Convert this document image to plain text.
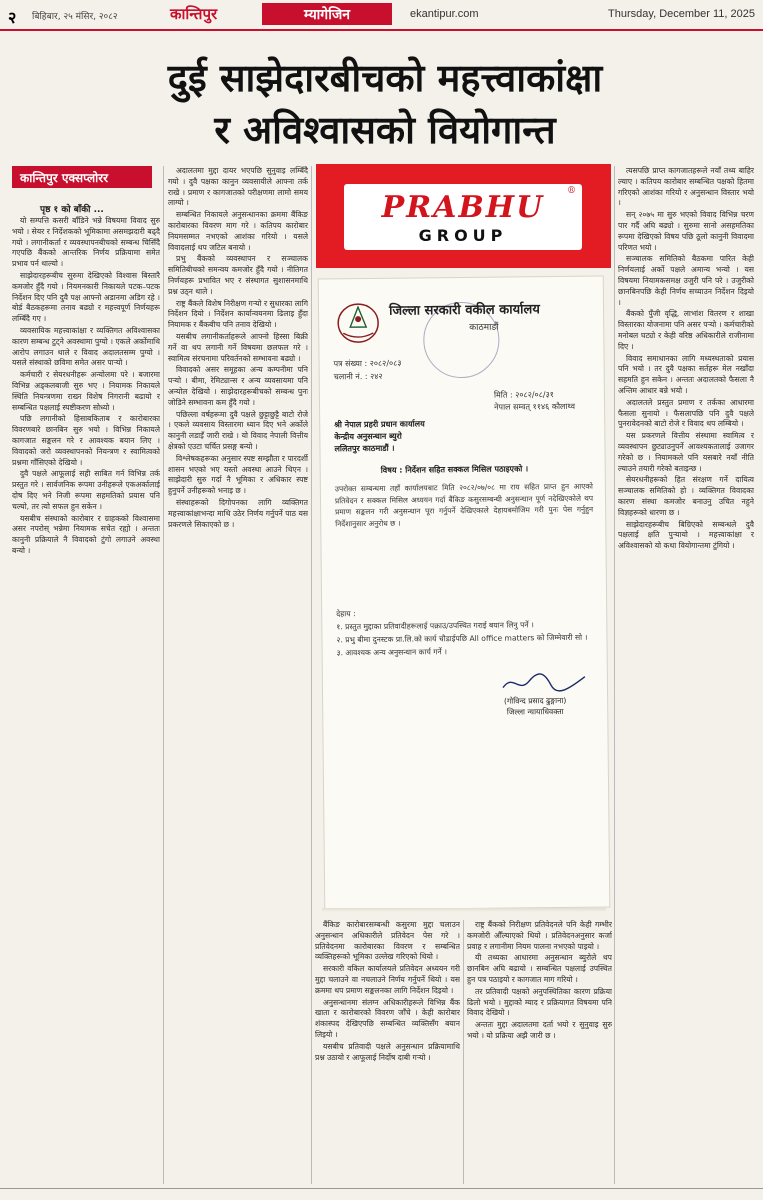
२ बिहिबार, २५ मंसिर, २०८२	कान्तिपुर	म्यागेजिन	ekantipur.com	Thursday, December 11, 2025
दुई साझेदारबीचको महत्त्वाकांक्षा
र अविश्वासको वियोगान्त
कान्तिपुर एक्सप्लोरर
पृष्ठ १ को बाँकी ...

यो सम्पत्ति कसरी बाँडिने भन्ने विषयमा विवाद सुरु भयो । सेयर र निर्देशकको भूमिकामा असमझदारी बढ्दै गयो । लगानीकर्ता र व्यवस्थापनबीचको सम्बन्ध चिसिँदै गएपछि बैंकको आन्तरिक निर्णय प्रक्रियामा समेत प्रभाव पर्न थाल्यो ।

साझेदारहरूबीच सुरुमा देखिएको विश्वास बिस्तारै कमजोर हुँदै गयो । नियमनकारी निकायले पटक–पटक निर्देशन दिए पनि दुवै पक्ष आफ्नो अडानमा अडिग रहे । बोर्ड बैठकहरूमा तनाव बढ्यो र महत्त्वपूर्ण निर्णयहरू लम्बिँदै गए ।

व्यवसायिक महत्त्वाकांक्षा र व्यक्तिगत अविश्वासका कारण सम्बन्ध टुट्ने अवस्थामा पुग्यो । एकले अर्कोमाथि आरोप लगाउन थाले र विवाद अदालतसम्म पुग्यो । यसले संस्थाको छविमा समेत असर पार्‍यो ।

कर्मचारी र सेयरधनीहरू अन्योलमा परे । बजारमा विभिन्न अड्कलबाजी सुरु भए । नियामक निकायले स्थिति नियन्त्रणमा राख्न विशेष निगरानी बढायो र सम्बन्धित पक्षलाई स्पष्टीकरण सोध्यो ।

पछि लगानीको हिसाबकिताब र कारोबारका विवरणबारे छानबिन सुरु भयो । विभिन्न निकायले कागजात सङ्कलन गरे र आवश्यक बयान लिए । विवादको जरो व्यवस्थापनको नियन्त्रण र स्वामित्वको प्रश्नमा गाँसिएको देखियो ।

दुवै पक्षले आफूलाई सही साबित गर्न विभिन्न तर्क प्रस्तुत गरे । सार्वजनिक रूपमा उनीहरूले एकअर्कालाई दोष दिए भने निजी रूपमा सहमतिको प्रयास पनि चल्यो, तर त्यो सफल हुन सकेन ।

यसबीच संस्थाको कारोबार र ग्राहकको विश्वासमा असर नपरोस् भन्नेमा नियामक सचेत रह्यो । अन्ततः कानुनी प्रक्रियाले नै विवादको टुंगो लगाउने अवस्था बन्यो ।

अदालतमा मुद्दा दायर भएपछि सुनुवाइ लम्बिँदै गयो । दुवै पक्षका कानुन व्यवसायीले आफ्ना तर्क राखे । प्रमाण र कागजातको परीक्षणमा लामो समय लाग्यो ।

सम्बन्धित निकायले अनुसन्धानका क्रममा बैंकिङ कारोबारका विवरण माग गरे । कतिपय कारोबार नियमसम्मत नभएको आशंका गरियो । यसले विवादलाई थप जटिल बनायो ।

प्रभु बैंकको व्यवस्थापन र सञ्चालक समितिबीचको समन्वय कमजोर हुँदै गयो । नीतिगत निर्णयहरू प्रभावित भए र संस्थागत सुशासनमाथि प्रश्न उठ्न थाले ।

राष्ट्र बैंकले विशेष निरीक्षण गर्‍यो र सुधारका लागि निर्देशन दियो । निर्देशन कार्यान्वयनमा ढिलाइ हुँदा नियामक र बैंकबीच पनि तनाव देखियो ।

यसबीच लगानीकर्ताहरूले आफ्नो हिस्सा बिक्री गर्ने वा थप लगानी गर्ने विषयमा छलफल गरे । स्वामित्व संरचनामा परिवर्तनको सम्भावना बढ्यो ।

विवादको असर समूहका अन्य कम्पनीमा पनि पर्‍यो । बीमा, रेमिट्यान्स र अन्य व्यवसायमा पनि अन्योल देखियो । साझेदारहरूबीचको सम्बन्ध पुनः जोडिने सम्भावना कम हुँदै गयो ।

पछिल्ला वर्षहरूमा दुवै पक्षले छुट्टाछुट्टै बाटो रोजे । एकले व्यवसाय विस्तारमा ध्यान दिए भने अर्कोले कानुनी लडाइँ जारी राखे । यो विवाद नेपाली वित्तीय क्षेत्रको एउटा चर्चित प्रसङ्ग बन्यो ।

विश्लेषकहरूका अनुसार स्पष्ट सम्झौता र पारदर्शी शासन भएको भए यस्तो अवस्था आउने थिएन । साझेदारी सुरु गर्दा नै भूमिका र अधिकार स्पष्ट हुनुपर्ने उनीहरूको भनाइ छ ।

संस्थाहरूको दिगोपनका लागि व्यक्तिगत महत्त्वाकांक्षाभन्दा माथि उठेर निर्णय गर्नुपर्ने पाठ यस प्रकरणले सिकाएको छ ।

PRABHU	®
GROUP
जिल्ला सरकारी वकील कार्यालय
काठमाडौं
पत्र संख्या : २०८२/०८३
चलानी नं. : २४२
मिति : २०८२/०८/३१
नेपाल सम्वत् ११४६ कौलाथ्व
श्री नेपाल प्रहरी प्रधान कार्यालय
केन्द्रीय अनुसन्धान ब्युरो
ललितपुर काठमाडौं ।
विषय : निर्देशन सहित सक्कल मिसिल पठाइएको ।
उपरोक्त सम्बन्धमा तहाँ कार्यालयबाट मिति २०८२/०७/०८ मा राय सहित प्राप्त हुन आएको प्रतिवेदन र सक्कल मिसिल अध्ययन गर्दा बैंकिङ कसुरसम्बन्धी अनुसन्धान पूर्ण नदेखिएकोले थप प्रमाण सङ्कलन गरी अनुसन्धान पूरा गर्नुपर्ने देखिएकाले देहायबमोजिम गरी पुनः पेस गर्नुहुन निर्देशानुसार अनुरोध छ ।
देहाय :
१. प्रस्तुत मुद्दाका प्रतिवादीहरूलाई पक्राउ/उपस्थित गराई बयान लिनु पर्ने ।
२. प्रभु बीमा दुनस्टक प्रा.लि.को कार्य चौडाईपछि All office matters को जिम्मेवारी सो ।
३. आवश्यक अन्य अनुसन्धान कार्य गर्ने ।
(गोविन्द प्रसाद ढुङ्गाना)
जिल्ला न्यायाधिवक्ता

बैंकिङ कारोबारसम्बन्धी कसुरमा मुद्दा चलाउन अनुसन्धान अधिकारीले प्रतिवेदन पेस गरे । प्रतिवेदनमा कारोबारका विवरण र सम्बन्धित व्यक्तिहरूको भूमिका उल्लेख गरिएको थियो ।

सरकारी वकिल कार्यालयले प्रतिवेदन अध्ययन गरी मुद्दा चलाउने वा नचलाउने निर्णय गर्नुपर्ने थियो । यस क्रममा थप प्रमाण सङ्कलनका लागि निर्देशन दिइयो ।

अनुसन्धानमा संलग्न अधिकारीहरूले विभिन्न बैंक खाता र कारोबारको विवरण जाँचे । केही कारोबार शंकास्पद देखिएपछि सम्बन्धित व्यक्तिसँग बयान लिइयो ।

यसबीच प्रतिवादी पक्षले अनुसन्धान प्रक्रियामाथि प्रश्न उठायो र आफूलाई निर्दोष दाबी गर्‍यो ।

राष्ट्र बैंकको निरीक्षण प्रतिवेदनले पनि केही गम्भीर कमजोरी औँल्याएको थियो । प्रतिवेदनअनुसार कर्जा प्रवाह र लगानीमा नियम पालना नभएको पाइयो ।

यी तथ्यका आधारमा अनुसन्धान ब्युरोले थप छानबिन अघि बढायो । सम्बन्धित पक्षलाई उपस्थित हुन पत्र पठाइयो र कागजात माग गरियो ।

तर प्रतिवादी पक्षको अनुपस्थितिका कारण प्रक्रिया ढिलो भयो । मुद्दाको म्याद र प्रक्रियागत विषयमा पनि विवाद देखियो ।

अन्ततः मुद्दा अदालतमा दर्ता भयो र सुनुवाइ सुरु भयो । यो प्रक्रिया अझै जारी छ ।

त्यसपछि प्राप्त कागजातहरूले नयाँ तथ्य बाहिर ल्याए । कतिपय कारोबार सम्बन्धित पक्षको हितमा गरिएको आशंका गरियो र अनुसन्धान विस्तार भयो ।

सन् २०७५ मा सुरु भएको विवाद विभिन्न चरण पार गर्दै अघि बढ्यो । सुरुमा सानो असहमतिका रूपमा देखिएको विषय पछि ठूलो कानुनी विवादमा परिणत भयो ।

सञ्चालक समितिको बैठकमा पारित केही निर्णयलाई अर्को पक्षले अमान्य भन्यो । यस विषयमा नियामकसमक्ष उजुरी पनि परे । उजुरीको छानबिनपछि केही निर्णय सच्याउन निर्देशन दिइयो ।

बैंकको पुँजी वृद्धि, लाभांश वितरण र शाखा विस्तारका योजनामा पनि असर पर्‍यो । कर्मचारीको मनोबल घट्यो र केही वरिष्ठ अधिकारीले राजीनामा दिए ।

विवाद समाधानका लागि मध्यस्थताको प्रयास पनि भयो । तर दुवै पक्षका सर्तहरू मेल नखाँदा सहमति हुन सकेन । अन्ततः अदालतको फैसला नै अन्तिम आधार बन्ने भयो ।

अदालतले प्रस्तुत प्रमाण र तर्कका आधारमा फैसला सुनायो । फैसलापछि पनि दुवै पक्षले पुनरावेदनको बाटो रोजे र विवाद थप लम्बियो ।

यस प्रकरणले वित्तीय संस्थामा स्वामित्व र व्यवस्थापन छुट्याउनुपर्ने आवश्यकतालाई उजागर गरेको छ । नियामकले पनि यसबारे नयाँ नीति ल्याउने तयारी गरेको बताइन्छ ।

सेयरधनीहरूको हित संरक्षण गर्ने दायित्व सञ्चालक समितिको हो । व्यक्तिगत विवादका कारण संस्था कमजोर बनाउनु उचित नहुने विज्ञहरूको धारणा छ ।

साझेदारहरूबीच बिग्रिएको सम्बन्धले दुवै पक्षलाई क्षति पुर्‍यायो । महत्त्वाकांक्षा र अविश्वासको यो कथा वियोगान्तमा टुंगियो ।
